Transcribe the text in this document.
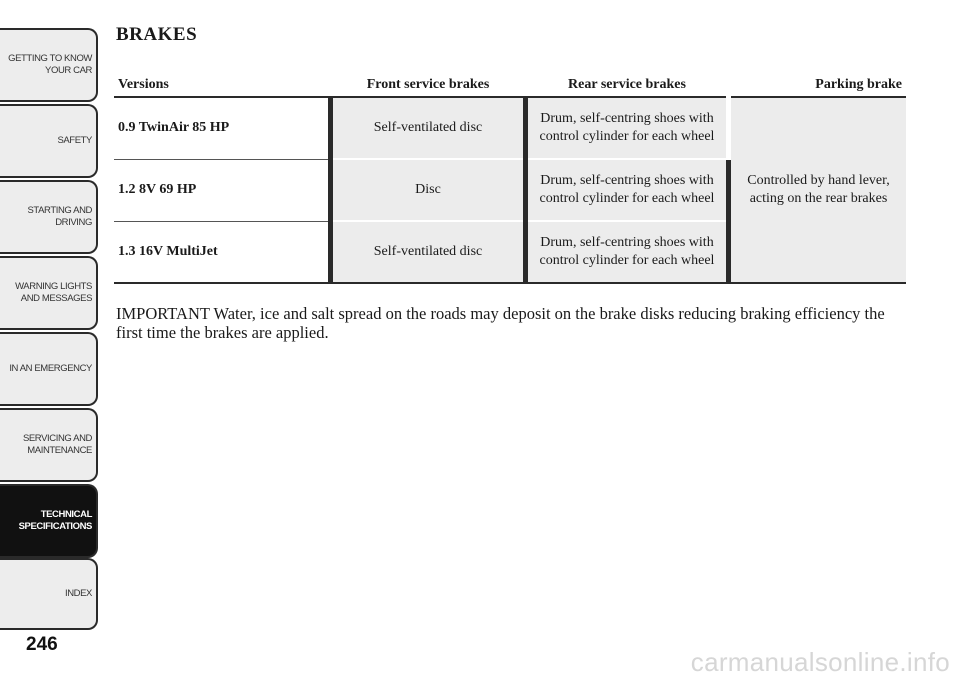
GETTING TO KNOW
YOUR CAR
SAFETY
STARTING AND
DRIVING
WARNING LIGHTS
AND MESSAGES
IN AN EMERGENCY
SERVICING AND
MAINTENANCE
TECHNICAL
SPECIFICATIONS
INDEX
246
BRAKES
Versions	Front service brakes	Rear service brakes	Parking brake
0.9 TwinAir 85 HP	Self-ventilated disc	Drum, self-centring shoes with control cylinder for each wheel	Controlled by hand lever, acting on the rear brakes
1.2 8V 69 HP	Disc	Drum, self-centring shoes with control cylinder for each wheel	
1.3 16V MultiJet	Self-ventilated disc	Drum, self-centring shoes with control cylinder for each wheel	

IMPORTANT Water, ice and salt spread on the roads may deposit on the brake disks reducing braking efficiency the first time the brakes are applied.

carmanualsonline.info
